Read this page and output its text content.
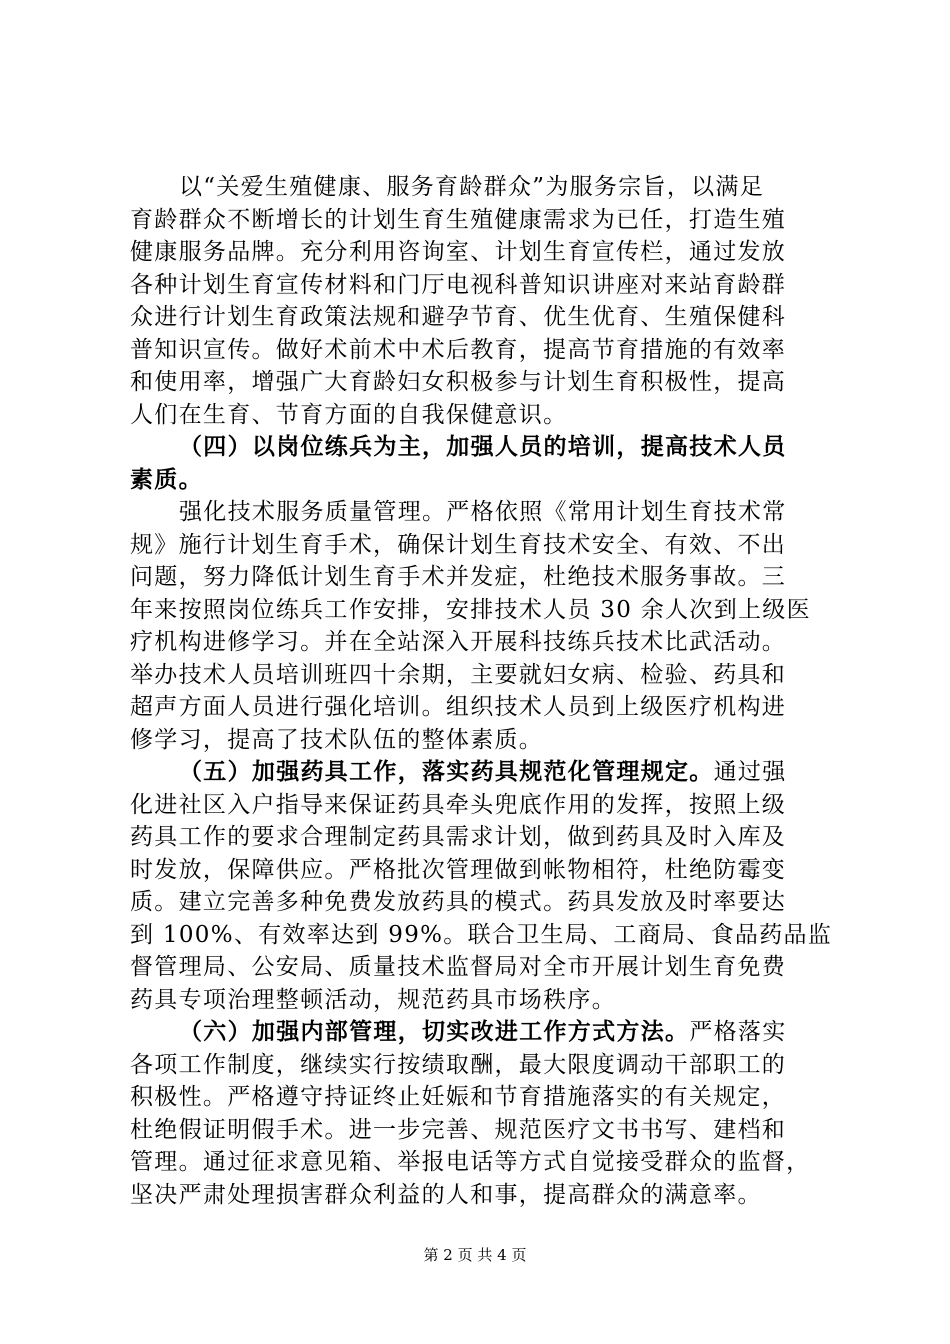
以“关爱生殖健康、服务育龄群众”为服务宗旨，以满足
育龄群众不断增长的计划生育生殖健康需求为已任，打造生殖
健康服务品牌。充分利用咨询室、计划生育宣传栏，通过发放
各种计划生育宣传材料和门厅电视科普知识讲座对来站育龄群
众进行计划生育政策法规和避孕节育、优生优育、生殖保健科
普知识宣传。做好术前术中术后教育，提高节育措施的有效率
和使用率，增强广大育龄妇女积极参与计划生育积极性，提高
人们在生育、节育方面的自我保健意识。
（四）以岗位练兵为主，加强人员的培训，提高技术人员
素质。
强化技术服务质量管理。严格依照《常用计划生育技术常
规》施行计划生育手术，确保计划生育技术安全、有效、不出
问题，努力降低计划生育手术并发症，杜绝技术服务事故。三
年来按照岗位练兵工作安排，安排技术人员 30 余人次到上级医
疗机构进修学习。并在全站深入开展科技练兵技术比武活动。
举办技术人员培训班四十余期，主要就妇女病、检验、药具和
超声方面人员进行强化培训。组织技术人员到上级医疗机构进
修学习，提高了技术队伍的整体素质。
（五）加强药具工作，落实药具规范化管理规定。通过强
化进社区入户指导来保证药具牵头兜底作用的发挥，按照上级
药具工作的要求合理制定药具需求计划，做到药具及时入库及
时发放，保障供应。严格批次管理做到帐物相符，杜绝防霉变
质。建立完善多种免费发放药具的模式。药具发放及时率要达
到 100%、有效率达到 99%。联合卫生局、工商局、食品药品监
督管理局、公安局、质量技术监督局对全市开展计划生育免费
药具专项治理整顿活动，规范药具市场秩序。
（六）加强内部管理，切实改进工作方式方法。严格落实
各项工作制度，继续实行按绩取酬，最大限度调动干部职工的
积极性。严格遵守持证终止妊娠和节育措施落实的有关规定，
杜绝假证明假手术。进一步完善、规范医疗文书书写、建档和
管理。通过征求意见箱、举报电话等方式自觉接受群众的监督，
坚决严肃处理损害群众利益的人和事，提高群众的满意率。
第 2 页 共 4 页
